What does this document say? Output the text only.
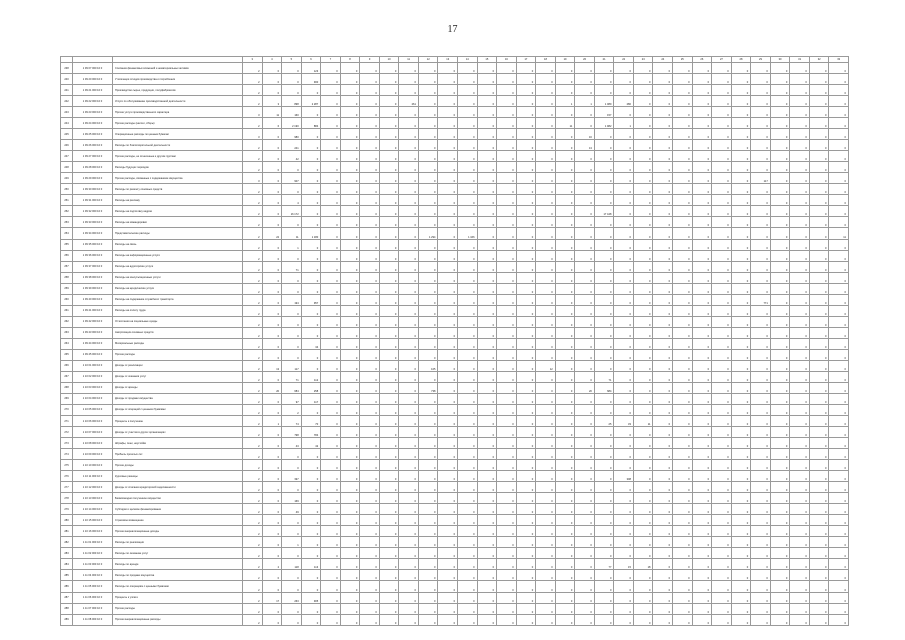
17
			3	4	5	6	7	8	9	10	11	12	13	14	15	16	17	18	19	20	21	22	23	24	25	26	27	28	29	30	31	32	33
238	1 09 07 000 10 0	Списания финансовых вложений и нематериальных активов	2	0	0	123	0	0	0	0	0	0	0	0	0	0	0	0	0	0	0	0	0	0	0	0	0	0	0	0	0	0	0
240	1 09 20 000 10 0	Утилизация отходов производства и потребления	2	0	0	900	0	0	0	0	0	0	0	0	0	0	0	0	0	0	0	0	0	0	0	0	0	0	0	0	0	0	0
241	1 09 21 000 10 0	Производство сырья, продукции, полуфабрикатов	2	0	0	0	0	0	0	0	0	0	0	0	0	0	0	0	0	0	0	0	0	0	0	0	0	0	0	0	0	0	0
242	1 09 22 000 10 0	Услуги по обслуживанию производственной деятельности	2	3	898	2 287	0	0	0	0	261	0	0	0	0	0	0	0	1	1	1 089	280	0	0	0	0	0	0	0	0	0	0	0
243	1 09 23 000 10 0	Прочие услуги производственного характера	3	11	160	0	0	0	0	0	0	0	0	0	0	0	0	0	0	0	157	0	0	0	0	0	0	0	0	0	0	0	0
244	1 09 24 000 10 0	Прочие расходы (налоги, сборы)	2	6	2 190	884	0	0	0	0	0	0	0	0	0	0	0	0	11	0	1 982	1	0	0	0	0	0	0	0	0	0	0	0
245	1 09 25 000 10 0	Операционные расходы по ценным бумагам	3	0	980	0	0	0	0	0	0	0	0	0	0	0	0	0	0	16	0	0	0	0	0	0	0	0	0	0	0	0	0
246	1 09 26 000 10 0	Расходы по благотворительной деятельности	2	0	241	0	0	0	0	0	0	0	0	0	0	0	0	0	0	13	0	0	0	0	0	0	0	0	0	0	0	0	0
247	1 09 27 000 10 0	Прочие расходы, не отнесенные к другим группам	2	0	42	0	0	0	0	0	0	0	0	0	0	0	0	0	0	0	0	0	0	0	0	0	0	0	0	0	0	0	0
248	1 09 28 000 10 0	Расходы будущих периодов	2	0	0	0	0	0	0	0	0	0	0	0	0	0	0	0	0	0	0	0	0	0	0	0	0	0	0	0	0	0	0
249	1 09 29 000 10 0	Прочие расходы, связанные с содержанием имущества	3	0	907	0	0	0	0	0	0	0	0	0	0	0	0	0	0	0	0	0	0	0	0	0	0	0	117	0	0	0	0
250	1 09 30 000 10 0	Расходы по ремонту основных средств	2	0	0	0	0	0	0	0	0	0	0	0	0	0	0	0	0	0	0	0	0	0	0	0	0	0	0	0	0	0	0
251	1 09 31 000 10 0	Расходы на рекламу	2	0	4	0	0	0	0	0	0	0	0	0	0	0	0	0	0	0	0	0	0	0	0	0	0	0	0	0	0	0	0
252	1 09 32 000 10 0	Расходы на подготовку кадров	2	0	16 172	0	0	0	0	0	0	0	0	0	0	0	0	0	0	0	17 448	0	0	0	0	0	0	0	0	0	0	0	0
253	1 09 33 000 10 0	Расходы на командировки	2	0	0	0	0	0	0	0	0	0	0	0	0	0	0	0	0	0	0	0	0	0	0	0	0	0	0	0	0	0	0
254	1 09 34 000 10 0	Представительские расходы	2	22	11	1 180	0	0	0	0	0	1 294	0	1 166	0	0	0	0	0	0	0	0	0	0	0	0	0	0	0	0	0	0	11
255	1 09 35 000 10 0	Расходы на связь	2	0	1	0	0	0	0	0	0	0	0	0	0	0	0	0	0	0	0	0	0	0	0	0	0	0	0	0	0	0	0
256	1 09 36 000 10 0	Расходы на информационные услуги	2	0	0	0	0	0	0	0	0	0	0	0	0	0	0	0	0	0	0	0	0	0	0	0	0	0	0	0	0	0	0
257	1 09 37 000 10 0	Расходы на аудиторские услуги	2	0	71	0	0	0	0	0	0	0	0	0	0	0	0	0	0	0	0	0	0	0	0	0	0	0	0	0	0	0	0
258	1 09 38 000 10 0	Расходы на консультационные услуги	2	0	0	0	0	0	0	0	0	0	0	0	0	0	0	0	0	0	0	0	0	0	0	0	0	0	0	0	0	0	0
259	1 09 39 000 10 0	Расходы на юридические услуги	2	0	0	0	0	0	0	0	0	0	0	0	0	0	0	0	0	0	0	0	0	0	0	0	0	0	0	0	0	0	0
260	1 09 40 000 10 0	Расходы на содержание служебного транспорта	2	0	194	957	0	0	0	0	0	0	0	0	0	0	0	0	0	0	0	0	0	0	0	0	0	0	771	0	0	0	0
261	1 09 41 000 10 0	Расходы на оплату труда	2	0	0	0	0	0	0	0	0	0	0	0	0	0	0	0	0	0	0	0	0	0	0	0	0	0	0	0	0	0	0
262	1 09 42 000 10 0	Отчисления на социальные нужды	2	0	0	0	0	0	0	0	0	0	0	0	0	0	0	0	0	0	0	0	0	0	0	0	0	0	0	0	0	0	0
263	1 09 43 000 10 0	Амортизация основных средств	2	0	0	0	0	0	0	0	0	0	0	0	0	0	0	0	0	0	0	0	0	0	0	0	0	0	0	0	0	0	0
264	1 09 44 000 10 0	Материальные расходы	2	0	0	34	0	0	0	0	0	0	0	0	0	0	0	0	0	0	0	0	0	0	0	0	0	0	0	0	0	0	0
265	1 09 45 000 10 0	Прочие расходы	2	0	0	0	0	0	0	0	0	0	0	0	0	0	0	0	0	0	0	0	0	0	0	0	0	0	0	0	0	0	0
266	1 10 01 000 10 0	Доходы от реализации	2	13	117	0	0	0	0	0	0	105	0	0	0	0	0	12	0	0	0	0	0	0	0	0	0	0	0	0	0	0	0
267	1 10 02 000 10 0	Доходы от оказания услуг	2	0	71	112	0	0	0	0	0	0	0	0	0	0	0	0	0	0	71	0	0	0	0	0	0	0	0	0	0	0	0
268	1 10 03 000 10 0	Доходы от аренды	2	20	684	258	0	0	0	0	0	738	0	0	0	0	0	0	0	20	684	0	0	0	0	0	0	0	0	0	0	0	0
269	1 10 04 000 10 0	Доходы от продажи имущества	2	0	97	117	0	0	0	0	0	0	0	0	0	0	0	0	0	0	0	0	0	0	0	0	0	0	0	0	0	0	0
270	1 10 05 000 10 0	Доходы от операций с ценными бумагами	2	0	2	0	0	0	0	0	0	0	0	0	0	0	0	0	0	0	0	0	0	0	0	0	0	0	0	0	0	0	0
271	1 10 06 000 10 0	Проценты к получению	2	1	74	70	0	0	0	0	0	0	0	0	0	0	0	0	0	0	25	33	11	0	0	0	0	0	0	0	0	0	0
272	1 10 07 000 10 0	Доходы от участия в других организациях	2	0	798	784	0	0	0	0	0	0	0	0	0	0	0	0	0	0	0	0	0	0	0	0	0	0	0	0	0	0	0
273	1 10 08 000 10 0	Штрафы, пени, неустойки	2	0	43	42	0	0	0	0	0	0	0	0	0	0	0	0	0	0	0	0	0	0	0	0	0	0	0	0	0	0	0
274	1 10 09 000 10 0	Прибыль прошлых лет	2	0	0	0	0	0	0	0	0	0	0	0	0	0	0	0	0	0	0	0	0	0	0	0	0	0	0	0	0	0	0
275	1 10 10 000 10 0	Прочие доходы	2	0	0	0	0	0	0	0	0	0	0	0	0	0	0	0	0	0	0	0	0	0	0	0	0	0	0	0	0	0	0
276	1 10 11 000 10 0	Курсовые разницы	2	0	397	0	0	0	0	0	0	0	0	0	0	0	0	0	0	0	0	308	0	0	0	0	0	0	0	0	0	0	0
277	1 10 12 000 10 0	Доходы от списания кредиторской задолженности	2	0	0	0	0	0	0	0	0	0	0	0	0	0	0	0	0	0	0	0	0	0	0	0	0	0	0	0	0	0	0
278	1 10 13 000 10 0	Безвозмездно полученное имущество	2	0	169	0	0	0	0	0	0	0	0	0	0	0	0	0	0	0	0	0	0	0	0	0	0	0	0	0	0	0	0
279	1 10 14 000 10 0	Субсидии и целевое финансирование	2	0	49	0	0	0	0	0	0	0	0	0	0	0	0	0	0	0	0	0	0	0	0	0	0	0	0	0	0	0	0
280	1 10 15 000 10 0	Страховое возмещение	2	0	0	0	0	0	0	0	0	0	0	0	0	0	0	0	0	0	0	0	0	0	0	0	0	0	0	0	0	0	0
281	1 10 16 000 10 0	Прочие внереализационные доходы	2	0	0	0	0	0	0	0	0	0	0	0	0	0	0	0	0	0	0	0	0	0	0	0	0	0	0	0	0	0	0
282	1 11 01 000 10 0	Расходы по реализации	2	0	1	0	0	0	0	0	0	0	0	0	0	0	0	0	0	0	0	0	0	0	0	0	0	0	0	0	0	0	0
283	1 11 02 000 10 0	Расходы по оказанию услуг	2	0	0	0	0	0	0	0	0	0	0	0	0	0	0	0	0	0	0	0	0	0	0	0	0	0	0	0	0	0	0
284	1 11 03 000 10 0	Расходы по аренде	2	2	118	113	0	0	0	0	0	0	0	0	0	0	0	0	0	0	77	15	18	0	0	0	0	0	0	0	0	0	0
285	1 11 04 000 10 0	Расходы по продаже имущества	2	0	0	0	0	0	0	0	0	0	0	0	0	0	0	0	0	0	0	0	0	0	0	0	0	0	0	0	0	0	0
286	1 11 05 000 10 0	Расходы по операциям с ценными бумагами	2	0	0	0	0	0	0	0	0	0	0	0	0	0	0	0	0	0	0	0	0	0	0	0	0	0	0	0	0	0	0
287	1 11 06 000 10 0	Проценты к уплате	2	17	263	905	0	0	0	0	0	0	0	0	0	0	0	0	0	0	0	0	0	0	0	0	0	0	0	0	0	0	0
288	1 11 07 000 10 0	Прочие расходы	2	0	0	0	0	0	0	0	0	0	0	0	0	0	0	0	0	0	0	0	0	0	0	0	0	0	0	0	0	0	0
289	1 11 08 000 10 0	Прочие внереализационные расходы	2	0	0	0	0	0	0	0	0	0	0	0	0	0	0	0	0	0	0	0	0	0	0	0	0	0	0	0	0	0	0
